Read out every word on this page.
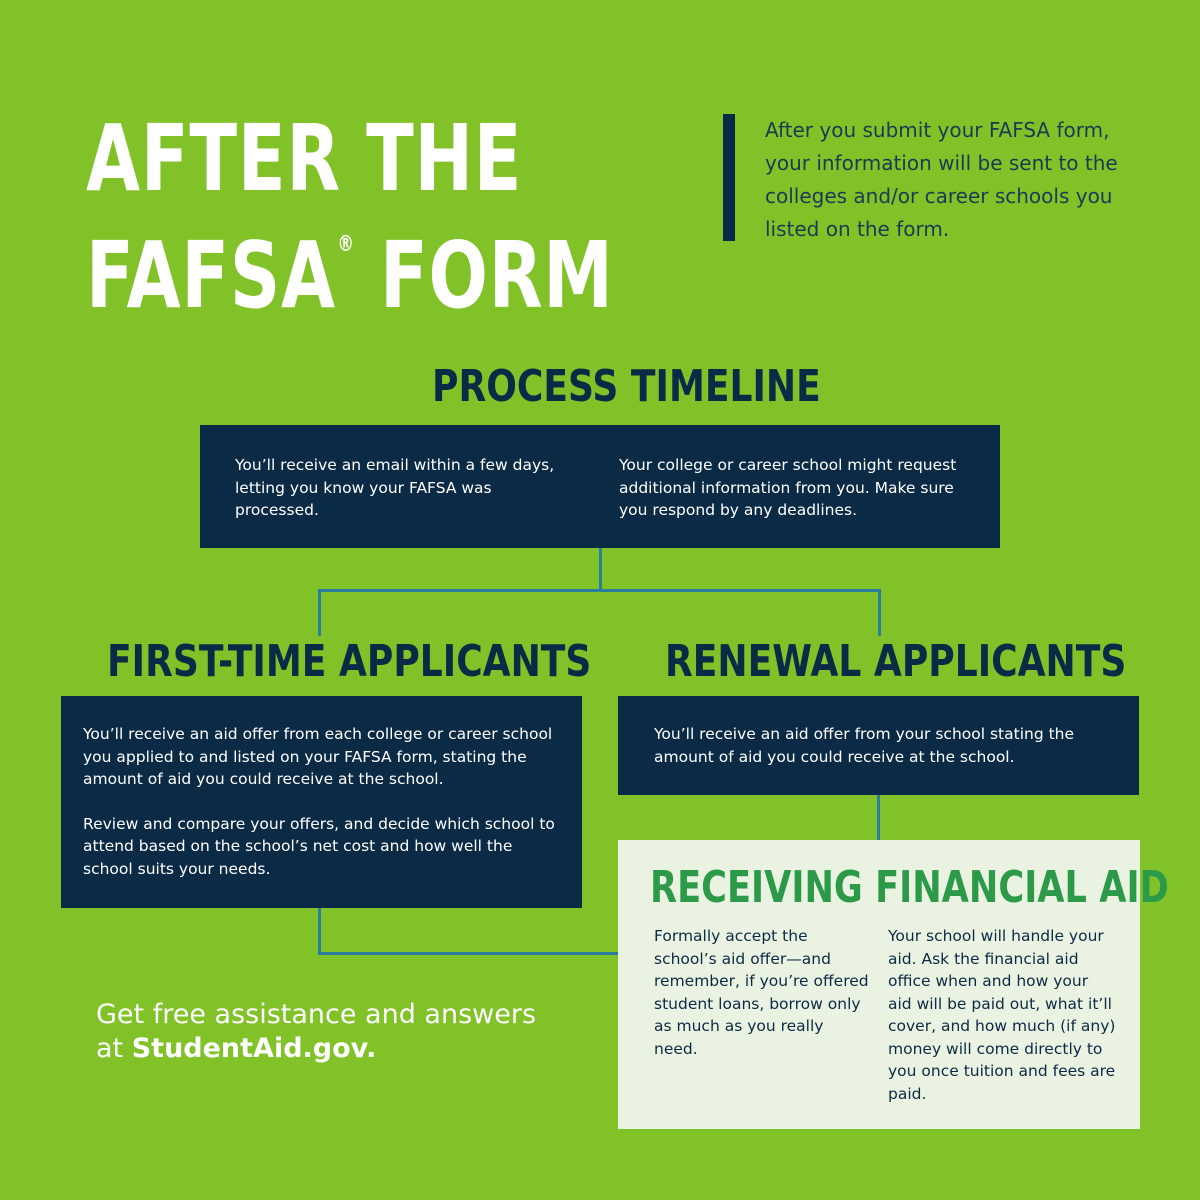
AFTER THE
FAFSA® FORM
After you submit your FAFSA form, your information will be sent to the colleges and/or career schools you listed on the form.
PROCESS TIMELINE

You’ll receive an email within a few days, letting you know your FAFSA was processed.

Your college or career school might request additional information from you. Make sure you respond by any deadlines.

FIRST-TIME APPLICANTS

You’ll receive an aid offer from each college or career school you applied to and listed on your FAFSA form, stating the amount of aid you could receive at the school.

Review and compare your offers, and decide which school to attend based on the school’s net cost and how well the school suits your needs.

RENEWAL APPLICANTS

You’ll receive an aid offer from your school stating the amount of aid you could receive at the school.

RECEIVING FINANCIAL AID
Formally accept the school’s aid offer—and remember, if you’re offered student loans, borrow only as much as you really need.
Your school will handle your aid. Ask the financial aid office when and how your aid will be paid out, what it’ll cover, and how much (if any) money will come directly to you once tuition and fees are paid.
Get free assistance and answers
at StudentAid.gov.
